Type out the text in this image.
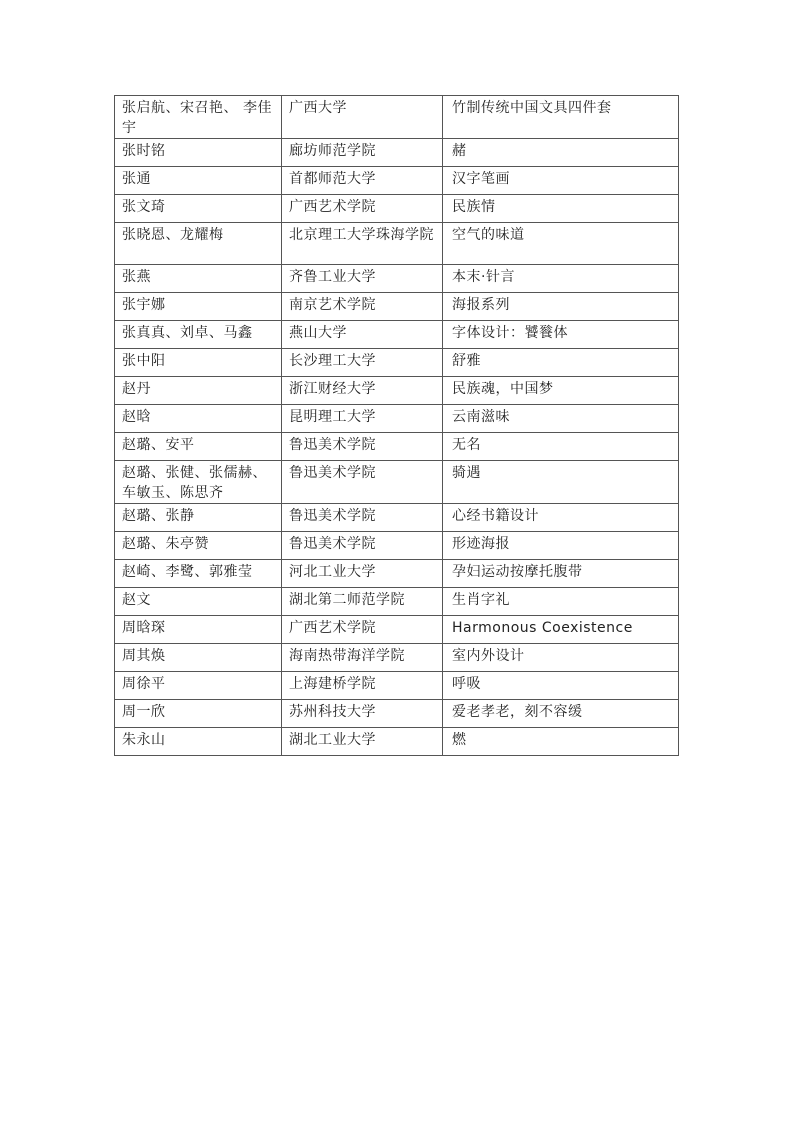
张启航、宋召艳、 李佳宇	广西大学	竹制传统中国文具四件套
张时铭	廊坊师范学院	赭
张通	首都师范大学	汉字笔画
张文琦	广西艺术学院	民族情
张晓恩、龙耀梅	北京理工大学珠海学院	空气的味道
张燕	齐鲁工业大学	本末·针言
张宇娜	南京艺术学院	海报系列
张真真、刘卓、马鑫	燕山大学	字体设计：饕餮体
张中阳	长沙理工大学	舒雅
赵丹	浙江财经大学	民族魂，中国梦
赵晗	昆明理工大学	云南滋味
赵璐、安平	鲁迅美术学院	无名
赵璐、张健、张儒赫、车敏玉、陈思齐	鲁迅美术学院	骑遇
赵璐、张静	鲁迅美术学院	心经书籍设计
赵璐、朱亭赞	鲁迅美术学院	形迹海报
赵崎、李鹭、郭雅莹	河北工业大学	孕妇运动按摩托腹带
赵文	湖北第二师范学院	生肖字礼
周晗琛	广西艺术学院	Harmonous Coexistence
周其焕	海南热带海洋学院	室内外设计
周徐平	上海建桥学院	呼吸
周一欣	苏州科技大学	爱老孝老，刻不容缓
朱永山	湖北工业大学	燃
